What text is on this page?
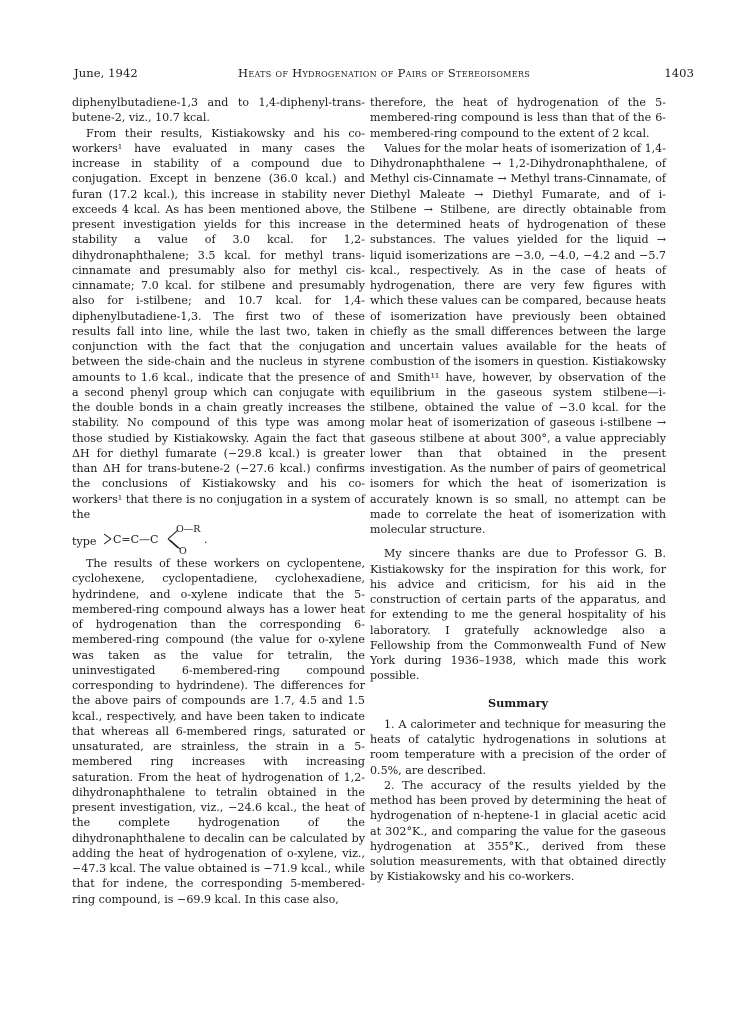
June, 1942	Heats of Hydrogenation of Pairs of Stereoisomers	1403

diphenylbutadiene-1,3 and to 1,4-diphenyl-trans-butene-2, viz., 10.7 kcal.

From their results, Kistiakowsky and his co-workers¹ have evaluated in many cases the increase in stability of a compound due to conjugation. Except in benzene (36.0 kcal.) and furan (17.2 kcal.), this increase in stability never exceeds 4 kcal. As has been mentioned above, the present investigation yields for this increase in stability a value of 3.0 kcal. for 1,2-dihydronaphthalene; 3.5 kcal. for methyl trans-cinnamate and presumably also for methyl cis-cinnamate; 7.0 kcal. for stilbene and presumably also for i-stilbene; and 10.7 kcal. for 1,4-diphenylbutadiene-1,3. The first two of these results fall into line, while the last two, taken in conjunction with the fact that the conjugation between the side-chain and the nucleus in styrene amounts to 1.6 kcal., indicate that the presence of a second phenyl group which can conjugate with the double bonds in a chain greatly increases the stability. No compound of this type was among those studied by Kistiakowsky. Again the fact that ΔH for diethyl fumarate (−29.8 kcal.) is greater than ΔH for trans-butene-2 (−27.6 kcal.) confirms the conclusions of Kistiakowsky and his co-workers¹ that there is no conjugation in a system of the

type C=C—C
O—R
O
.

The results of these workers on cyclopentene, cyclohexene, cyclopentadiene, cyclohexadiene, hydrindene, and o-xylene indicate that the 5-membered-ring compound always has a lower heat of hydrogenation than the corresponding 6-membered-ring compound (the value for o-xylene was taken as the value for tetralin, the uninvestigated 6-membered-ring compound corresponding to hydrindene). The differences for the above pairs of compounds are 1.7, 4.5 and 1.5 kcal., respectively, and have been taken to indicate that whereas all 6-membered rings, saturated or unsaturated, are strainless, the strain in a 5-membered ring increases with increasing saturation. From the heat of hydrogenation of 1,2-dihydronaphthalene to tetralin obtained in the present investigation, viz., −24.6 kcal., the heat of the complete hydrogenation of the dihydronaphthalene to decalin can be calculated by adding the heat of hydrogenation of o-xylene, viz., −47.3 kcal. The value obtained is −71.9 kcal., while that for indene, the corresponding 5-membered-ring compound, is −69.9 kcal. In this case also,

therefore, the heat of hydrogenation of the 5-membered-ring compound is less than that of the 6-membered-ring compound to the extent of 2 kcal.

Values for the molar heats of isomerization of 1,4-Dihydronaphthalene → 1,2-Dihydronaphthalene, of Methyl cis-Cinnamate → Methyl trans-Cinnamate, of Diethyl Maleate → Diethyl Fumarate, and of i-Stilbene → Stilbene, are directly obtainable from the determined heats of hydrogenation of these substances. The values yielded for the liquid → liquid isomerizations are −3.0, −4.0, −4.2 and −5.7 kcal., respectively. As in the case of heats of hydrogenation, there are very few figures with which these values can be compared, because heats of isomerization have previously been obtained chiefly as the small differences between the large and uncertain values available for the heats of combustion of the isomers in question. Kistiakowsky and Smith¹¹ have, however, by observation of the equilibrium in the gaseous system stilbene—i-stilbene, obtained the value of −3.0 kcal. for the molar heat of isomerization of gaseous i-stilbene → gaseous stilbene at about 300°, a value appreciably lower than that obtained in the present investigation. As the number of pairs of geometrical isomers for which the heat of isomerization is accurately known is so small, no attempt can be made to correlate the heat of isomerization with molecular structure.

My sincere thanks are due to Professor G. B. Kistiakowsky for the inspiration for this work, for his advice and criticism, for his aid in the construction of certain parts of the apparatus, and for extending to me the general hospitality of his laboratory. I gratefully acknowledge also a Fellowship from the Commonwealth Fund of New York during 1936–1938, which made this work possible.

Summary

1. A calorimeter and technique for measuring the heats of catalytic hydrogenations in solutions at room temperature with a precision of the order of 0.5%, are described.

2. The accuracy of the results yielded by the method has been proved by determining the heat of hydrogenation of n-heptene-1 in glacial acetic acid at 302°K., and comparing the value for the gaseous hydrogenation at 355°K., derived from these solution measurements, with that obtained directly by Kistiakowsky and his co-workers.
